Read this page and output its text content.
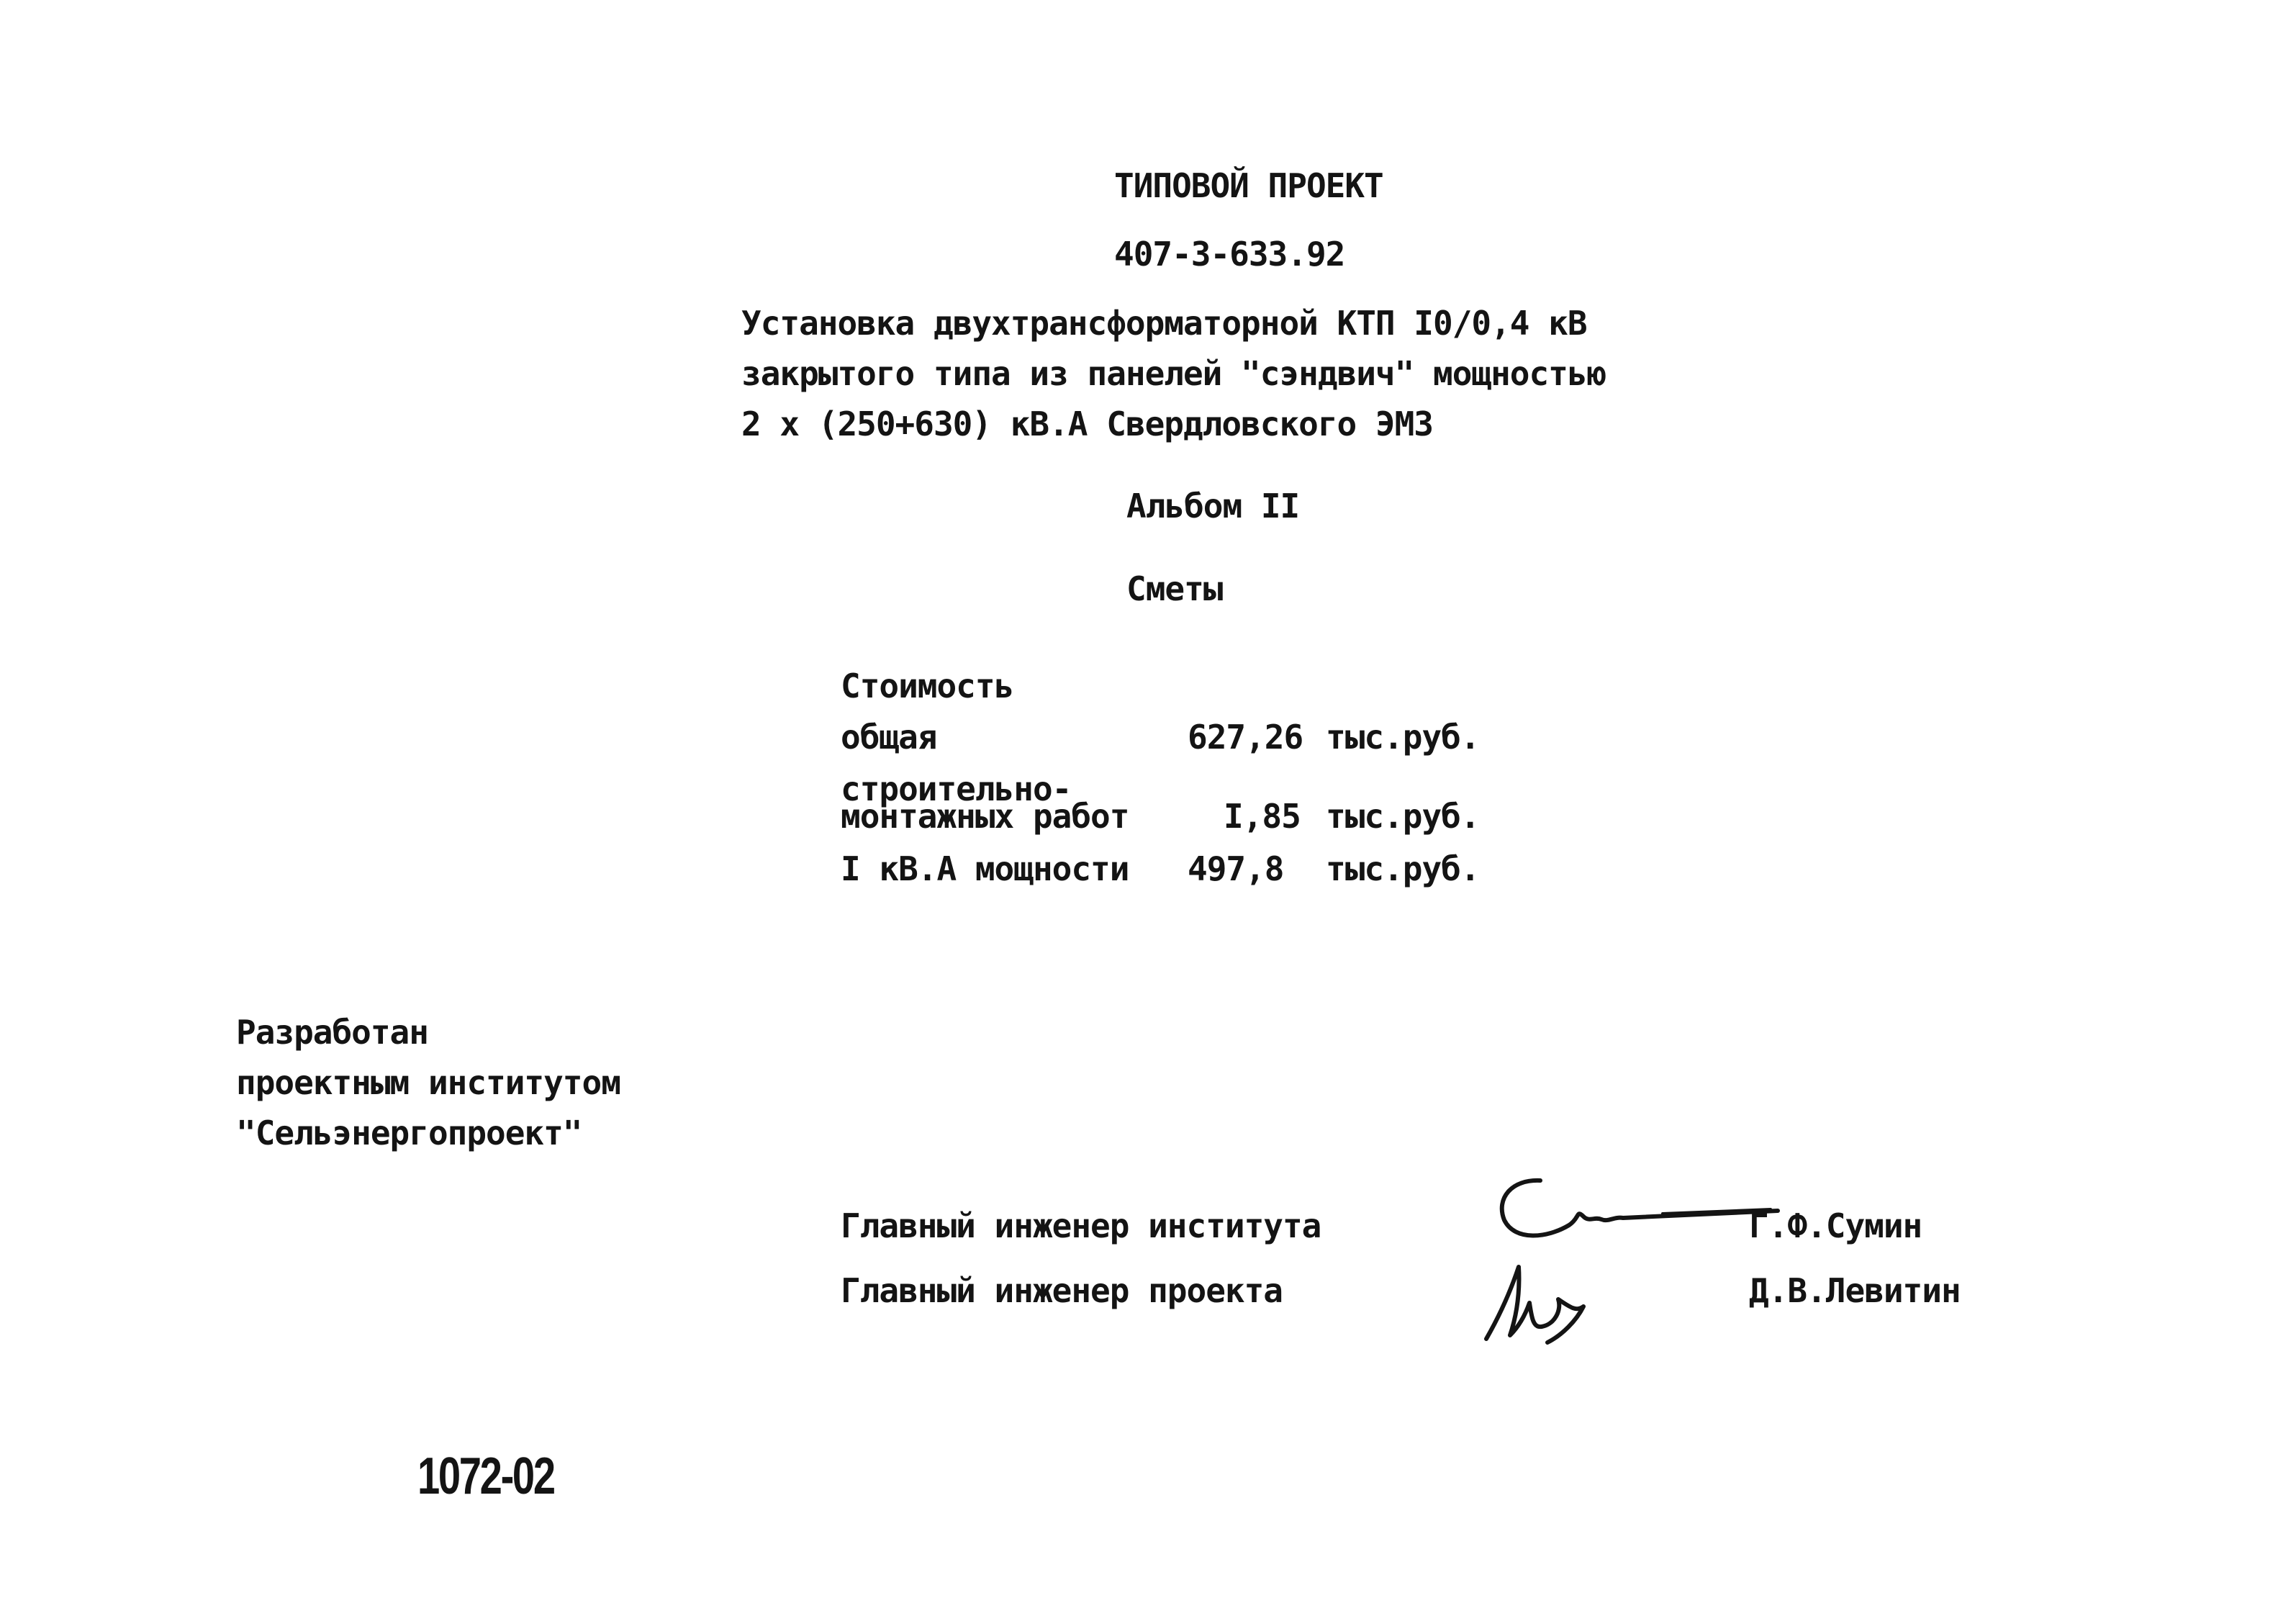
ТИПОВОЙ ПРОЕКТ
407-3-633.92
Установка двухтрансформаторной КТП I0/0,4 кВ
закрытого типа из панелей "сэндвич" мощностью
2 х (250+630) кВ.А Свердловского ЭМЗ
Альбом II
Сметы
Стоимость
общая	627,26 тыс.руб.
строительно-
монтажных работ	I,85 тыс.руб.
I кВ.А мощности 497,8 тыс.руб.
Разработан
проектным институтом
"Сельэнергопроект"
Главный инженер института	Г.Ф.Сумин
Главный инженер проекта	Д.В.Левитин
1072-02
